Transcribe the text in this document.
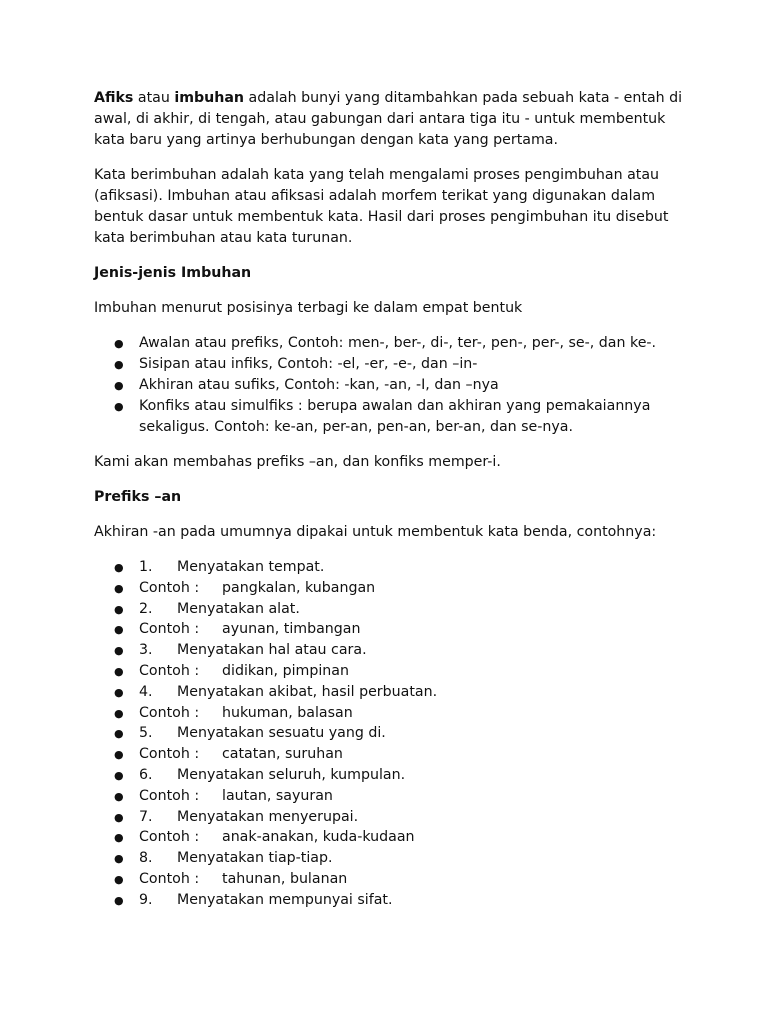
Afiks atau imbuhan adalah bunyi yang ditambahkan pada sebuah kata - entah di awal, di akhir, di tengah, atau gabungan dari antara tiga itu - untuk membentuk kata baru yang artinya berhubungan dengan kata yang pertama.

Kata berimbuhan adalah kata yang telah mengalami proses pengimbuhan atau (afiksasi). Imbuhan atau afiksasi adalah morfem terikat yang digunakan dalam bentuk dasar untuk membentuk kata. Hasil dari proses pengimbuhan itu disebut kata berimbuhan atau kata turunan.

Jenis-jenis Imbuhan

Imbuhan menurut posisinya terbagi ke dalam empat bentuk

● Awalan atau prefiks, Contoh: men-, ber-, di-, ter-, pen-, per-, se-, dan ke-.
● Sisipan atau infiks, Contoh: -el, -er, -e-, dan –in-
● Akhiran atau sufiks, Contoh: -kan, -an, -I, dan –nya
● Konfiks atau simulfiks : berupa awalan dan akhiran yang pemakaiannya sekaligus. Contoh: ke-an, per-an, pen-an, ber-an, dan se-nya.

Kami akan membahas prefiks –an, dan konfiks memper-i.

Prefiks –an

Akhiran -an pada umumnya dipakai untuk membentuk kata benda, contohnya:

● 1. Menyatakan tempat.
● Contoh : pangkalan, kubangan
● 2. Menyatakan alat.
● Contoh : ayunan, timbangan
● 3. Menyatakan hal atau cara.
● Contoh : didikan, pimpinan
● 4. Menyatakan akibat, hasil perbuatan.
● Contoh : hukuman, balasan
● 5. Menyatakan sesuatu yang di.
● Contoh : catatan, suruhan
● 6. Menyatakan seluruh, kumpulan.
● Contoh : lautan, sayuran
● 7. Menyatakan menyerupai.
● Contoh : anak-anakan, kuda-kudaan
● 8. Menyatakan tiap-tiap.
● Contoh : tahunan, bulanan
● 9. Menyatakan mempunyai sifat.
